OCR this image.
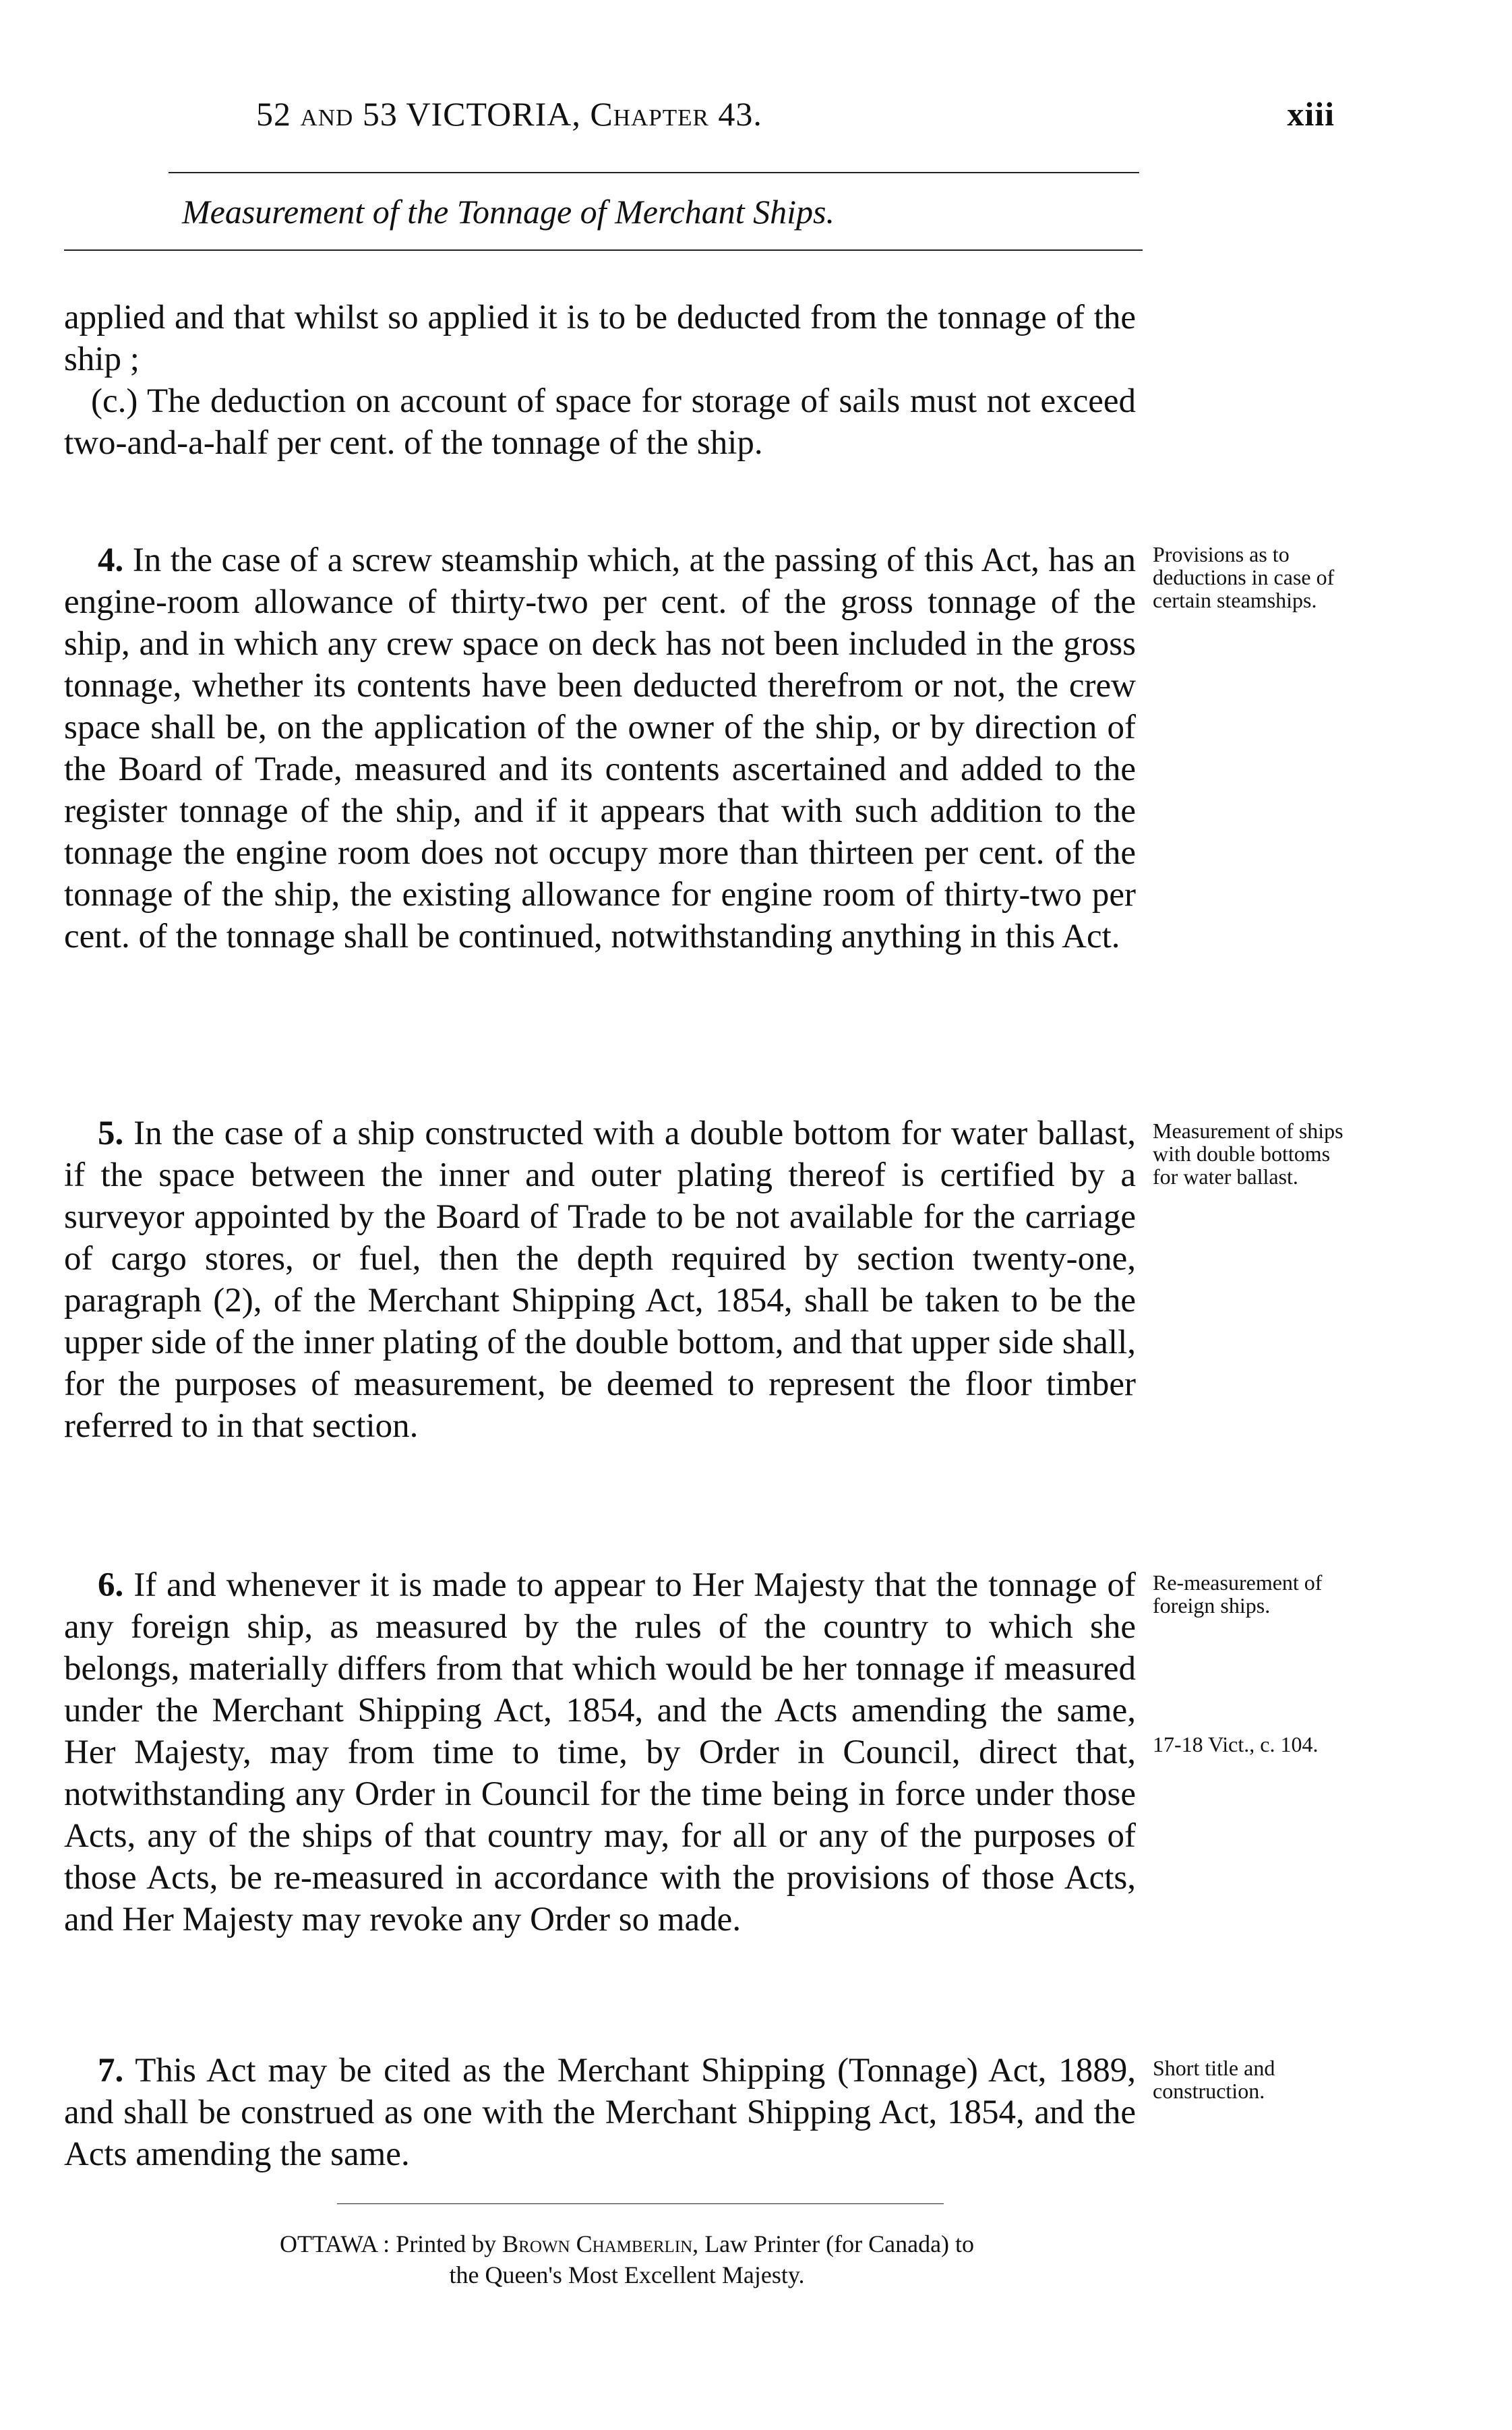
52 and 53 VICTORIA, Chapter 43.	xiii
Measurement of the Tonnage of Merchant Ships.

applied and that whilst so applied it is to be deducted from the tonnage of the ship ;

(c.) The deduction on account of space for storage of sails must not exceed two-and-a-half per cent. of the tonnage of the ship.

4. In the case of a screw steamship which, at the passing of this Act, has an engine-room allowance of thirty-two per cent. of the gross tonnage of the ship, and in which any crew space on deck has not been included in the gross tonnage, whether its contents have been deducted therefrom or not, the crew space shall be, on the application of the owner of the ship, or by direction of the Board of Trade, measured and its contents ascertained and added to the register tonnage of the ship, and if it appears that with such addition to the tonnage the engine room does not occupy more than thirteen per cent. of the tonnage of the ship, the existing allowance for engine room of thirty-two per cent. of the tonnage shall be continued, notwithstanding anything in this Act.

Provisions as to deductions in case of certain steamships.

5. In the case of a ship constructed with a double bottom for water ballast, if the space between the inner and outer plating thereof is certified by a surveyor appointed by the Board of Trade to be not available for the carriage of cargo stores, or fuel, then the depth required by section twenty-one, paragraph (2), of the Merchant Shipping Act, 1854, shall be taken to be the upper side of the inner plating of the double bottom, and that upper side shall, for the purposes of measurement, be deemed to represent the floor timber referred to in that section.

Measurement of ships with double bottoms for water ballast.

6. If and whenever it is made to appear to Her Majesty that the tonnage of any foreign ship, as measured by the rules of the country to which she belongs, materially differs from that which would be her tonnage if measured under the Merchant Shipping Act, 1854, and the Acts amending the same, Her Majesty, may from time to time, by Order in Council, direct that, notwithstanding any Order in Council for the time being in force under those Acts, any of the ships of that country may, for all or any of the purposes of those Acts, be re-measured in accordance with the provisions of those Acts, and Her Majesty may revoke any Order so made.

Re-measurement of foreign ships.
17-18 Vict., c. 104.

7. This Act may be cited as the Merchant Shipping (Tonnage) Act, 1889, and shall be construed as one with the Merchant Shipping Act, 1854, and the Acts amending the same.

Short title and construction.
OTTAWA : Printed by Brown Chamberlin, Law Printer (for Canada) to
the Queen's Most Excellent Majesty.
